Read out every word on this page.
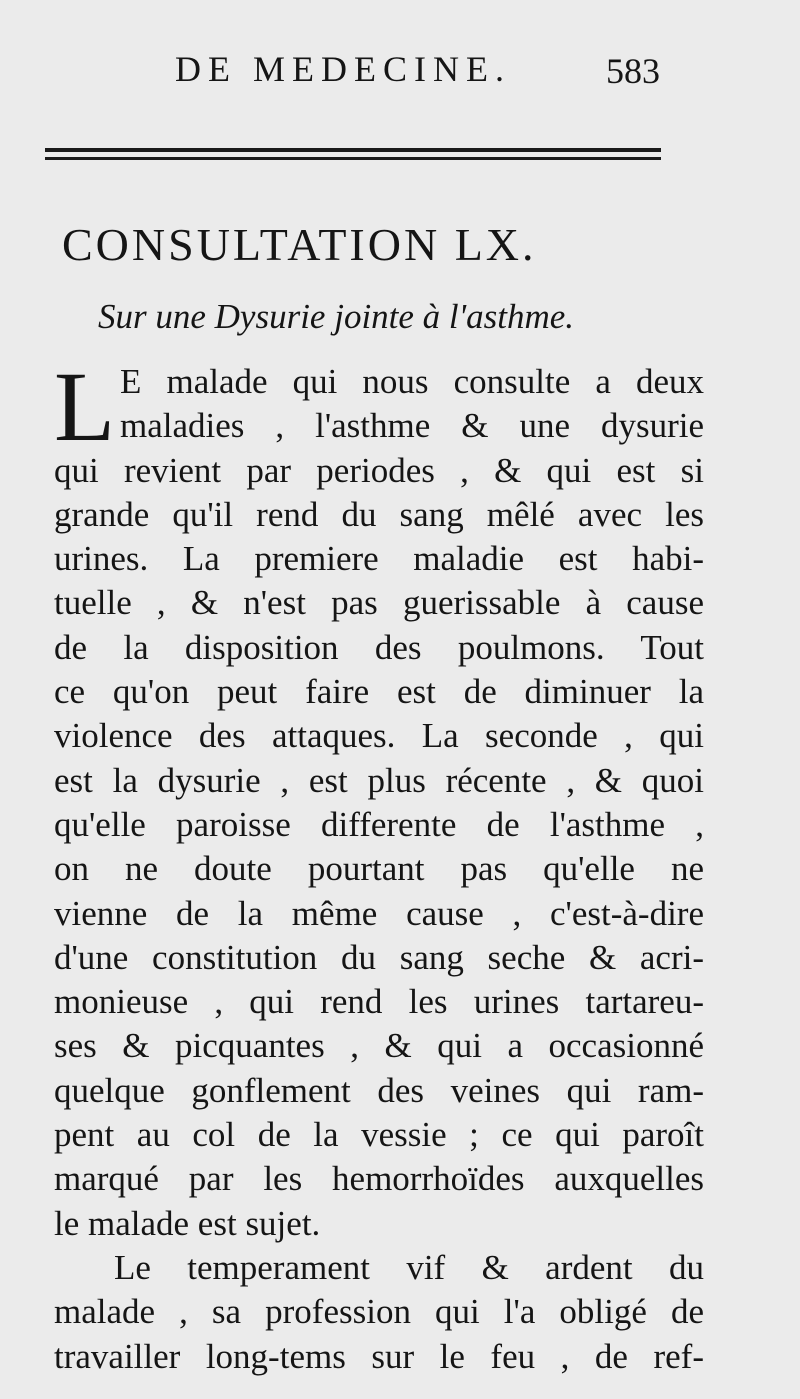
DE MEDECINE.	583
CONSULTATION LX.
Sur une Dysurie jointe à l'asthme.
L E malade qui nous consulte a deux
maladies , l'asthme & une dysurie
qui revient par periodes , & qui est si
grande qu'il rend du sang mêlé avec les
urines. La premiere maladie est habi-
tuelle , & n'est pas guerissable à cause
de la disposition des poulmons. Tout
ce qu'on peut faire est de diminuer la
violence des attaques. La seconde , qui
est la dysurie , est plus récente , & quoi
qu'elle paroisse differente de l'asthme ,
on ne doute pourtant pas qu'elle ne
vienne de la même cause , c'est-à-dire
d'une constitution du sang seche & acri-
monieuse , qui rend les urines tartareu-
ses & picquantes , & qui a occasionné
quelque gonflement des veines qui ram-
pent au col de la vessie ; ce qui paroît
marqué par les hemorrhoïdes auxquelles
le malade est sujet.
Le temperament vif & ardent du
malade , sa profession qui l'a obligé de
travailler long-tems sur le feu , de ref-
